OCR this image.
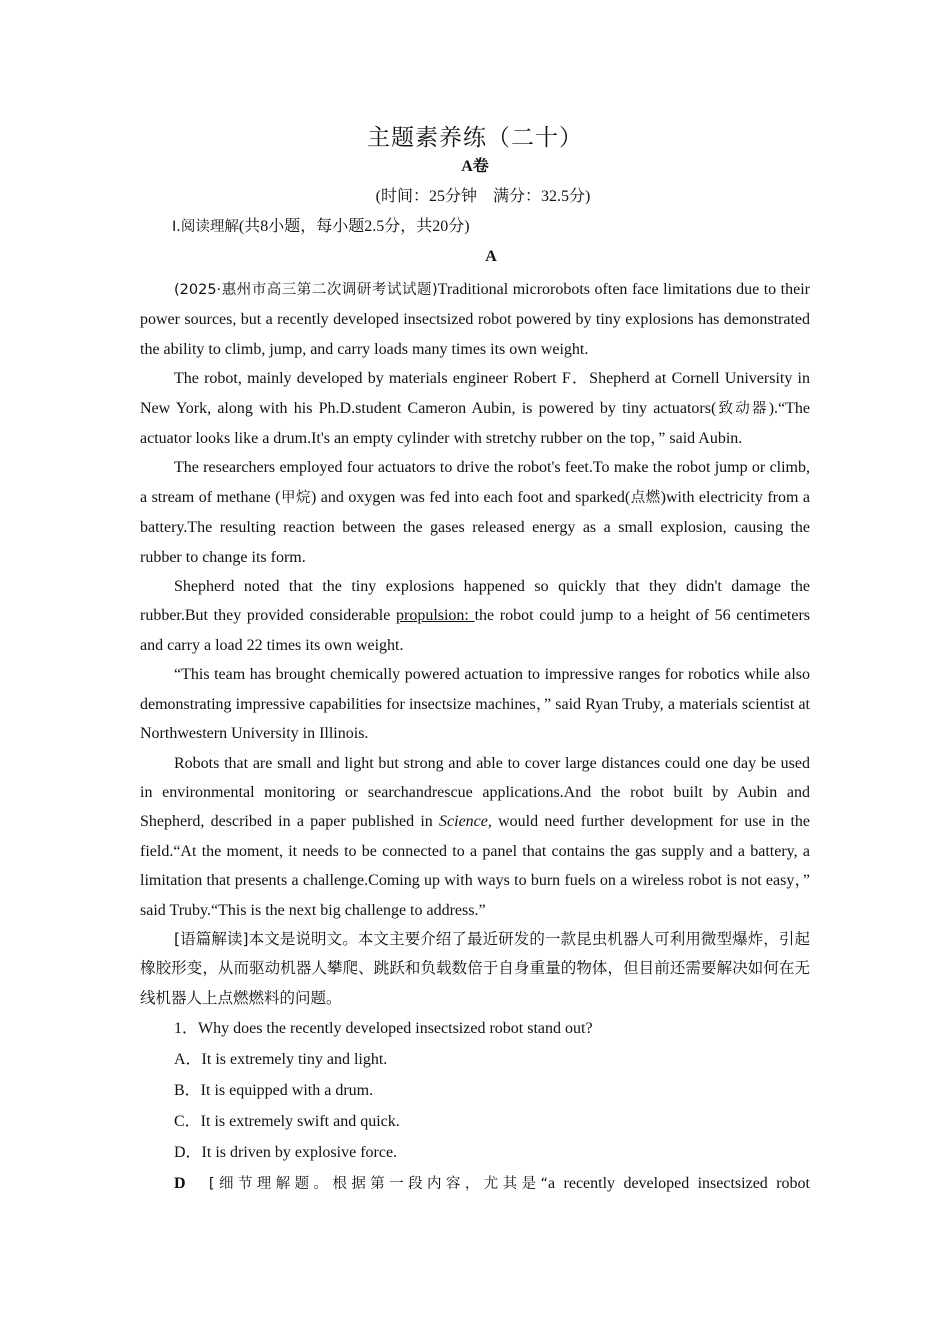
主题素养练（二十）

A卷

(时间：25分钟　满分：32.5分)

Ⅰ.阅读理解(共8小题，每小题2.5分，共20分)

A

(2025·惠州市高三第二次调研考试试题)Traditional microrobots often face limitations due to their power sources, but a recently developed insectsized robot powered by tiny explosions has demonstrated the ability to climb, jump, and carry loads many times its own weight.

The robot, mainly developed by materials engineer Robert F．Shepherd at Cornell University in New York, along with his Ph.D.student Cameron Aubin, is powered by tiny actuators(致动器).“The actuator looks like a drum.It's an empty cylinder with stretchy rubber on the top，” said Aubin.

The researchers employed four actuators to drive the robot's feet.To make the robot jump or climb, a stream of methane (甲烷) and oxygen was fed into each foot and sparked(点燃)with electricity from a battery.The resulting reaction between the gases released energy as a small explosion, causing the rubber to change its form.

Shepherd noted that the tiny explosions happened so quickly that they didn't damage the rubber.But they provided considerable propulsion: the robot could jump to a height of 56 centimeters and carry a load 22 times its own weight.

“This team has brought chemically powered actuation to impressive ranges for robotics while also demonstrating impressive capabilities for insectsize machines，” said Ryan Truby, a materials scientist at Northwestern University in Illinois.

Robots that are small and light but strong and able to cover large distances could one day be used in environmental monitoring or searchandrescue applications.And the robot built by Aubin and Shepherd, described in a paper published in Science, would need further development for use in the field.“At the moment, it needs to be connected to a panel that contains the gas supply and a battery, a limitation that presents a challenge.Coming up with ways to burn fuels on a wireless robot is not easy，” said Truby.“This is the next big challenge to address.”

[语篇解读]本文是说明文。本文主要介绍了最近研发的一款昆虫机器人可利用微型爆炸，引起橡胶形变，从而驱动机器人攀爬、跳跃和负载数倍于自身重量的物体，但目前还需要解决如何在无线机器人上点燃燃料的问题。

1．Why does the recently developed insectsized robot stand out?

A．It is extremely tiny and light.

B．It is equipped with a drum.

C．It is extremely swift and quick.

D．It is driven by explosive force.

D　[细节理解题。根据第一段内容，尤其是“a recently developed insectsized robot
